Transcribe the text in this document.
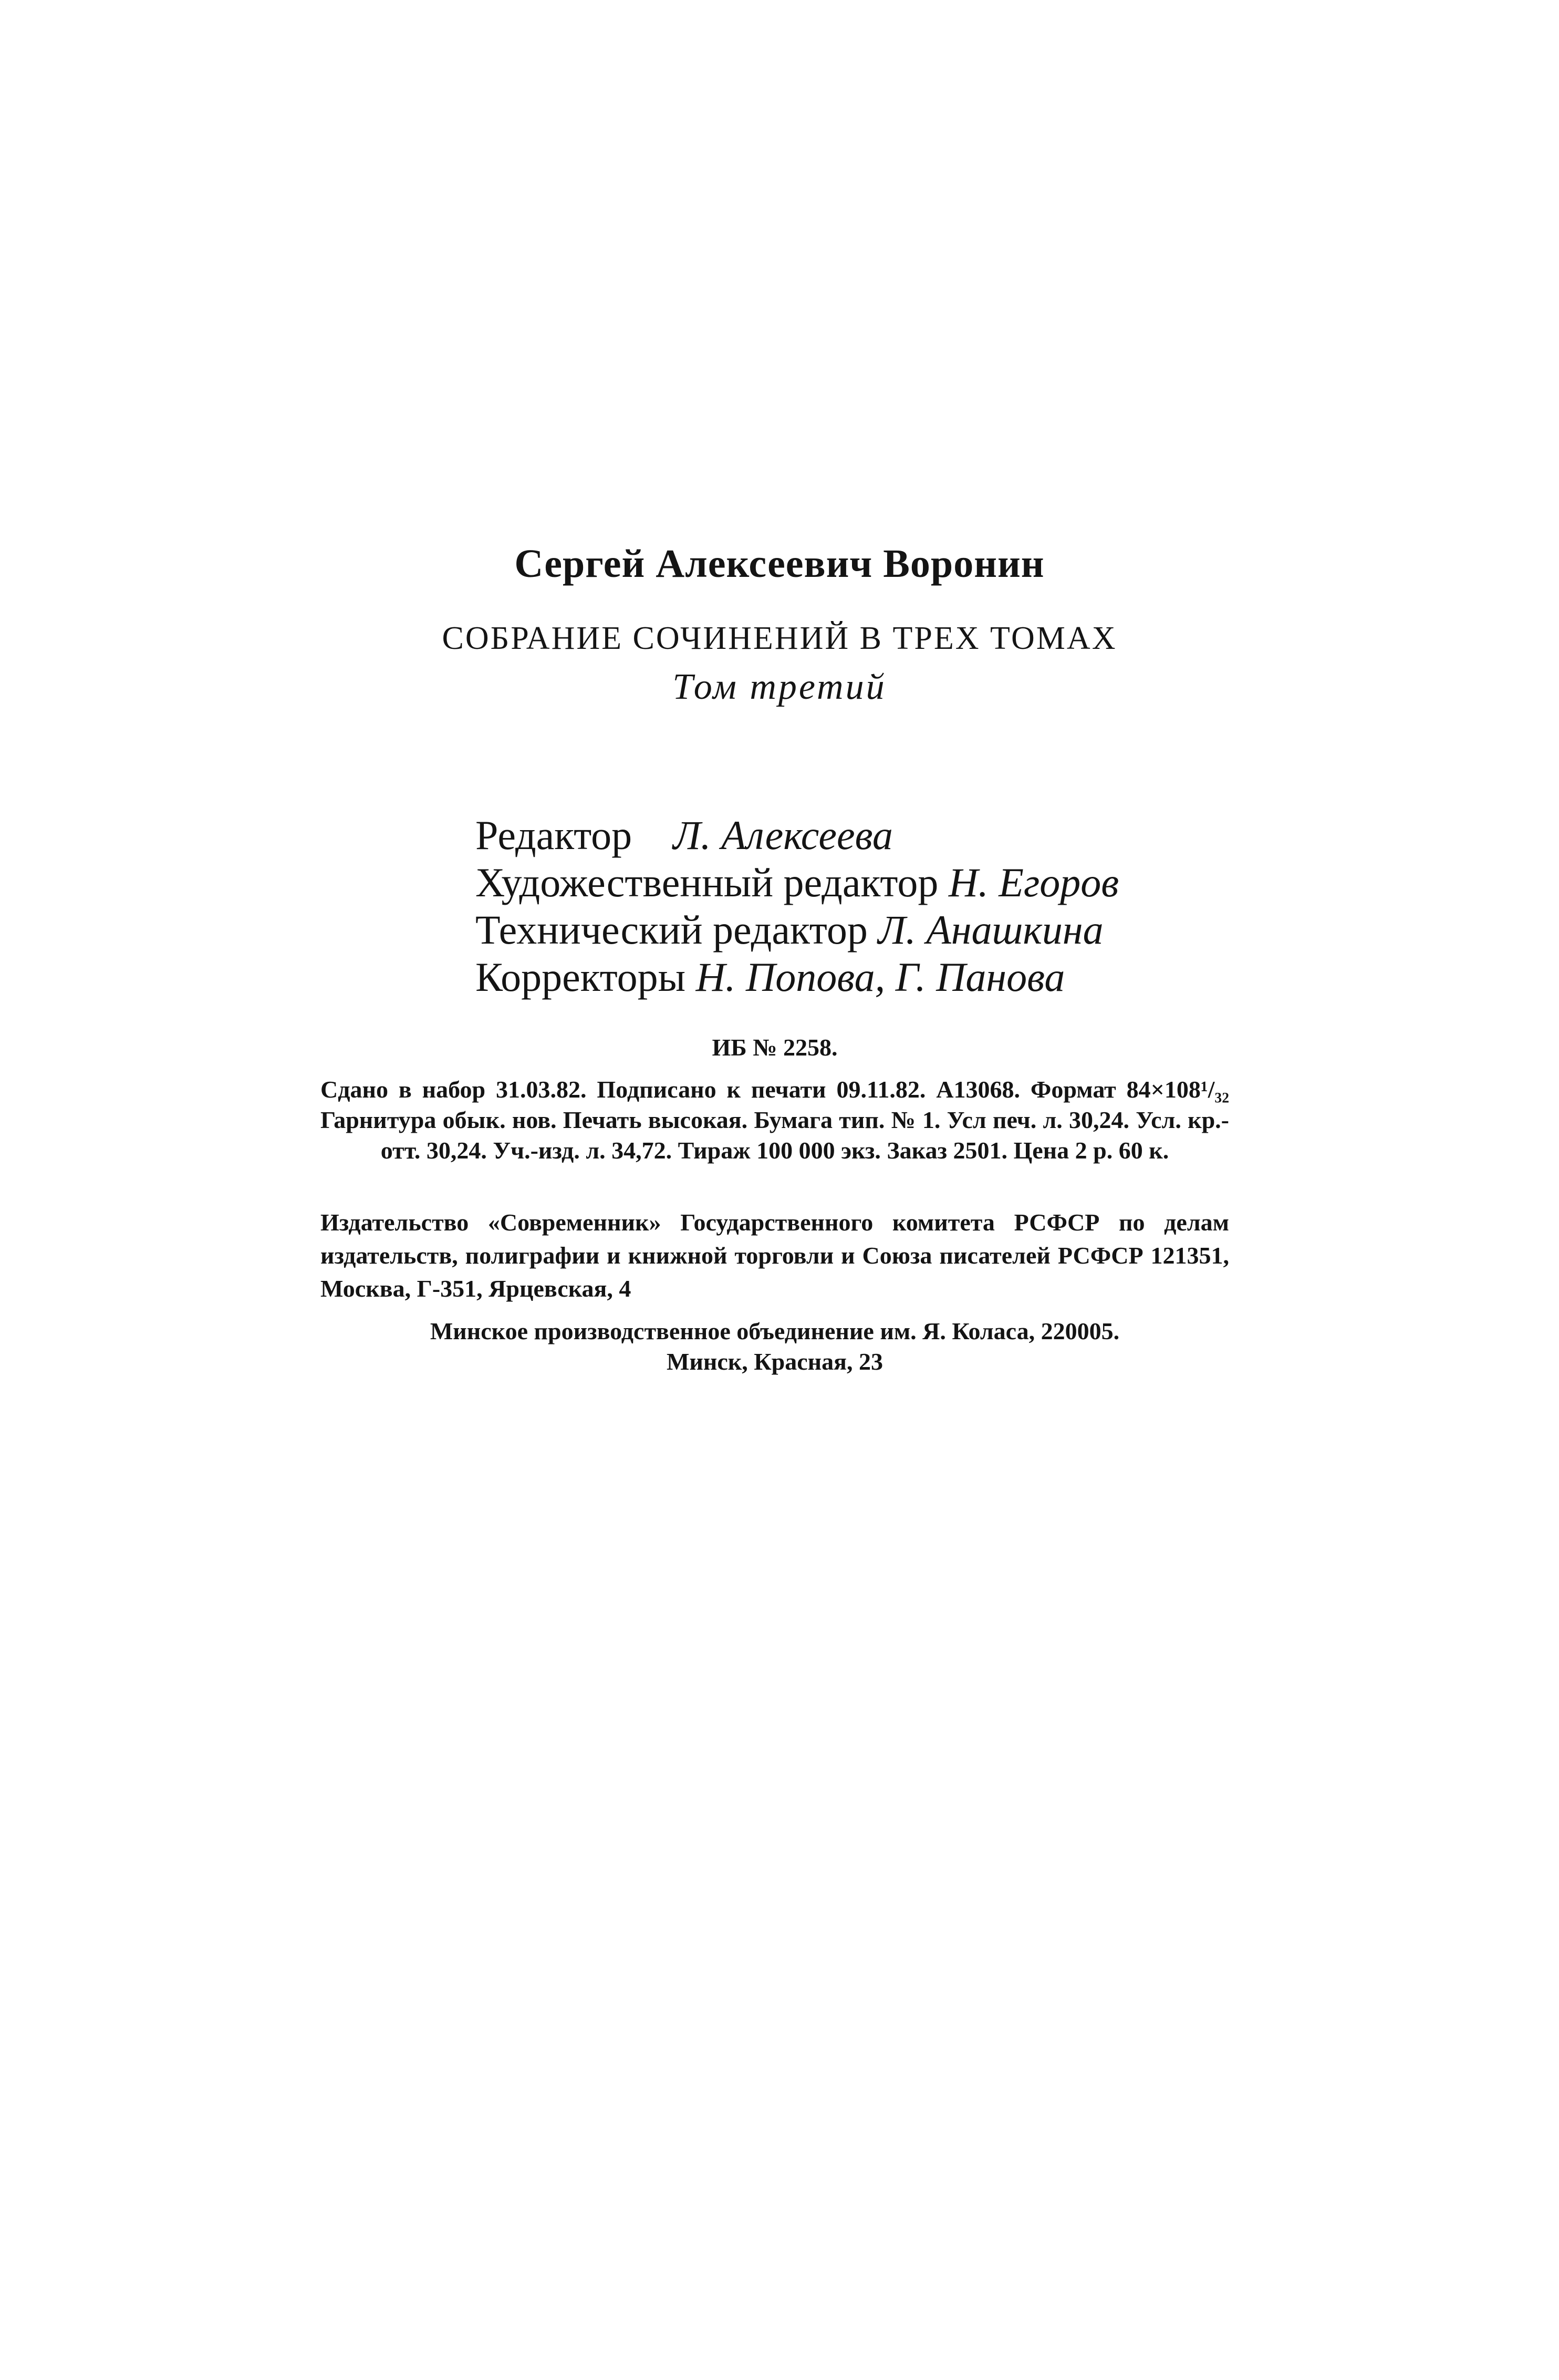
Сергей Алексеевич Воронин

СОБРАНИЕ СОЧИНЕНИЙ В ТРЕХ ТОМАХ

Том третий

Редактор Л. Алексеева
Художественный редактор Н. Егоров
Технический редактор Л. Анашкина
Корректоры Н. Попова, Г. Панова

ИБ № 2258.

Сдано в набор 31.03.82. Подписано к печати 09.11.82. А13068. Формат 84×108¹/₃₂ Гарнитура обык. нов. Печать высокая. Бумага тип. № 1. Усл печ. л. 30,24. Усл. кр.-отт. 30,24. Уч.-изд. л. 34,72. Тираж 100 000 экз. Заказ 2501. Цена 2 р. 60 к.

Издательство «Современник» Государственного комитета РСФСР по делам издательств, полиграфии и книжной торговли и Союза писателей РСФСР 121351, Москва, Г-351, Ярцевская, 4

Минское производственное объединение им. Я. Коласа, 220005.
Минск, Красная, 23
